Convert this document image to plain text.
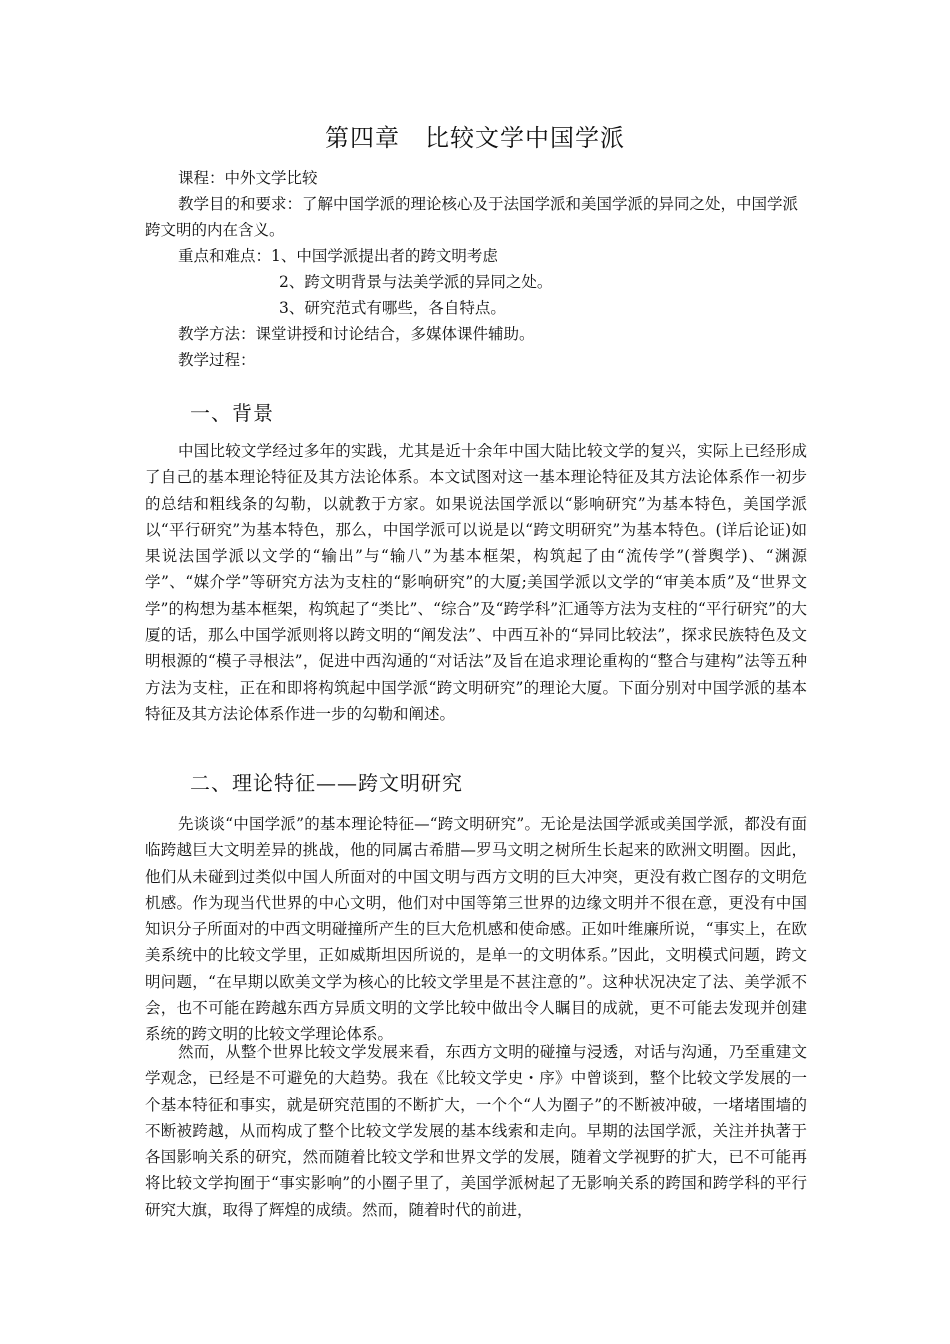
第四章　比较文学中国学派

课程：中外文学比较

教学目的和要求：了解中国学派的理论核心及于法国学派和美国学派的异同之处，中国学派跨文明的内在含义。

重点和难点：1、中国学派提出者的跨文明考虑

2、跨文明背景与法美学派的异同之处。

3、研究范式有哪些，各自特点。

教学方法：课堂讲授和讨论结合，多媒体课件辅助。

教学过程：

一、背景

中国比较文学经过多年的实践，尤其是近十余年中国大陆比较文学的复兴，实际上已经形成了自己的基本理论特征及其方法论体系。本文试图对这一基本理论特征及其方法论体系作一初步的总结和粗线条的勾勒，以就教于方家。如果说法国学派以“影响研究”为基本特色，美国学派以“平行研究”为基本特色，那么，中国学派可以说是以“跨文明研究”为基本特色。(详后论证)如果说法国学派以文学的“输出”与“输八”为基本框架，构筑起了由“流传学”(誉舆学)、“渊源学”、“媒介学”等研究方法为支柱的“影响研究”的大厦;美国学派以文学的“审美本质”及“世界文学”的构想为基本框架，构筑起了“类比”、“综合”及“跨学科”汇通等方法为支柱的“平行研究”的大厦的话，那么中国学派则将以跨文明的“阐发法”、中西互补的“异同比较法”，探求民族特色及文明根源的“模子寻根法”，促进中西沟通的“对话法”及旨在追求理论重构的“整合与建构”法等五种方法为支柱，正在和即将构筑起中国学派“跨文明研究”的理论大厦。下面分别对中国学派的基本特征及其方法论体系作进一步的勾勒和阐述。

二、理论特征——跨文明研究

先谈谈“中国学派”的基本理论特征—“跨文明研究”。无论是法国学派或美国学派，都没有面临跨越巨大文明差异的挑战，他的同属古希腊—罗马文明之树所生长起来的欧洲文明圈。因此，他们从未碰到过类似中国人所面对的中国文明与西方文明的巨大冲突，更没有救亡图存的文明危机感。作为现当代世界的中心文明，他们对中国等第三世界的边缘文明并不很在意，更没有中国知识分子所面对的中西文明碰撞所产生的巨大危机感和使命感。正如叶维廉所说，“事实上，在欧美系统中的比较文学里，正如威斯坦因所说的，是单一的文明体系。”因此，文明模式问题，跨文明问题，“在早期以欧美文学为核心的比较文学里是不甚注意的”。这种状况决定了法、美学派不会，也不可能在跨越东西方异质文明的文学比较中做出令人瞩目的成就，更不可能去发现并创建系统的跨文明的比较文学理论体系。

然而，从整个世界比较文学发展来看，东西方文明的碰撞与浸透，对话与沟通，乃至重建文学观念，已经是不可避免的大趋势。我在《比较文学史・序》中曾谈到，整个比较文学发展的一个基本特征和事实，就是研究范围的不断扩大，一个个“人为圈子”的不断被冲破，一堵堵围墙的不断被跨越，从而构成了整个比较文学发展的基本线索和走向。早期的法国学派，关注并执著于各国影响关系的研究，然而随着比较文学和世界文学的发展，随着文学视野的扩大，已不可能再将比较文学拘囿于“事实影响”的小圈子里了，美国学派树起了无影响关系的跨国和跨学科的平行研究大旗，取得了辉煌的成绩。然而，随着时代的前进，
